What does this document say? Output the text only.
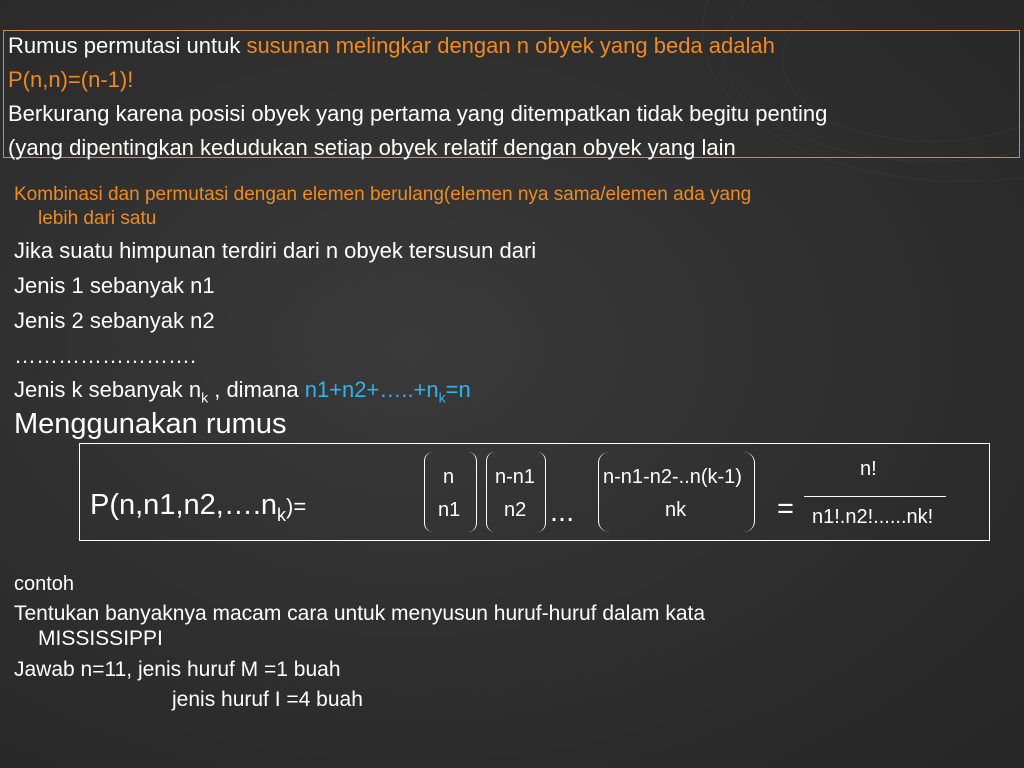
Rumus permutasi untuk susunan melingkar dengan n obyek yang beda adalah
P(n,n)=(n-1)!
Berkurang karena posisi obyek yang pertama yang ditempatkan tidak begitu penting
(yang dipentingkan kedudukan setiap obyek relatif dengan obyek yang lain
Kombinasi dan permutasi dengan elemen berulang(elemen nya sama/elemen ada yang
lebih dari satu
Jika suatu himpunan terdiri dari n obyek tersusun dari
Jenis 1 sebanyak n1
Jenis 2 sebanyak n2
…………………….
Jenis k sebanyak $n_k$ , dimana $n1+n2+\dots..+n_k=n$
Menggunakan rumus
$P(n,n1,n2,\dots.n_k)=$
n
n1
n-n1
n2 ...
n-n1-n2-..n(k-1)
nk	=
n!
n1!.n2!......nk!
contoh
Tentukan banyaknya macam cara untuk menyusun huruf-huruf dalam kata
MISSISSIPPI
Jawab n=11, jenis huruf M =1 buah
jenis huruf I =4 buah
